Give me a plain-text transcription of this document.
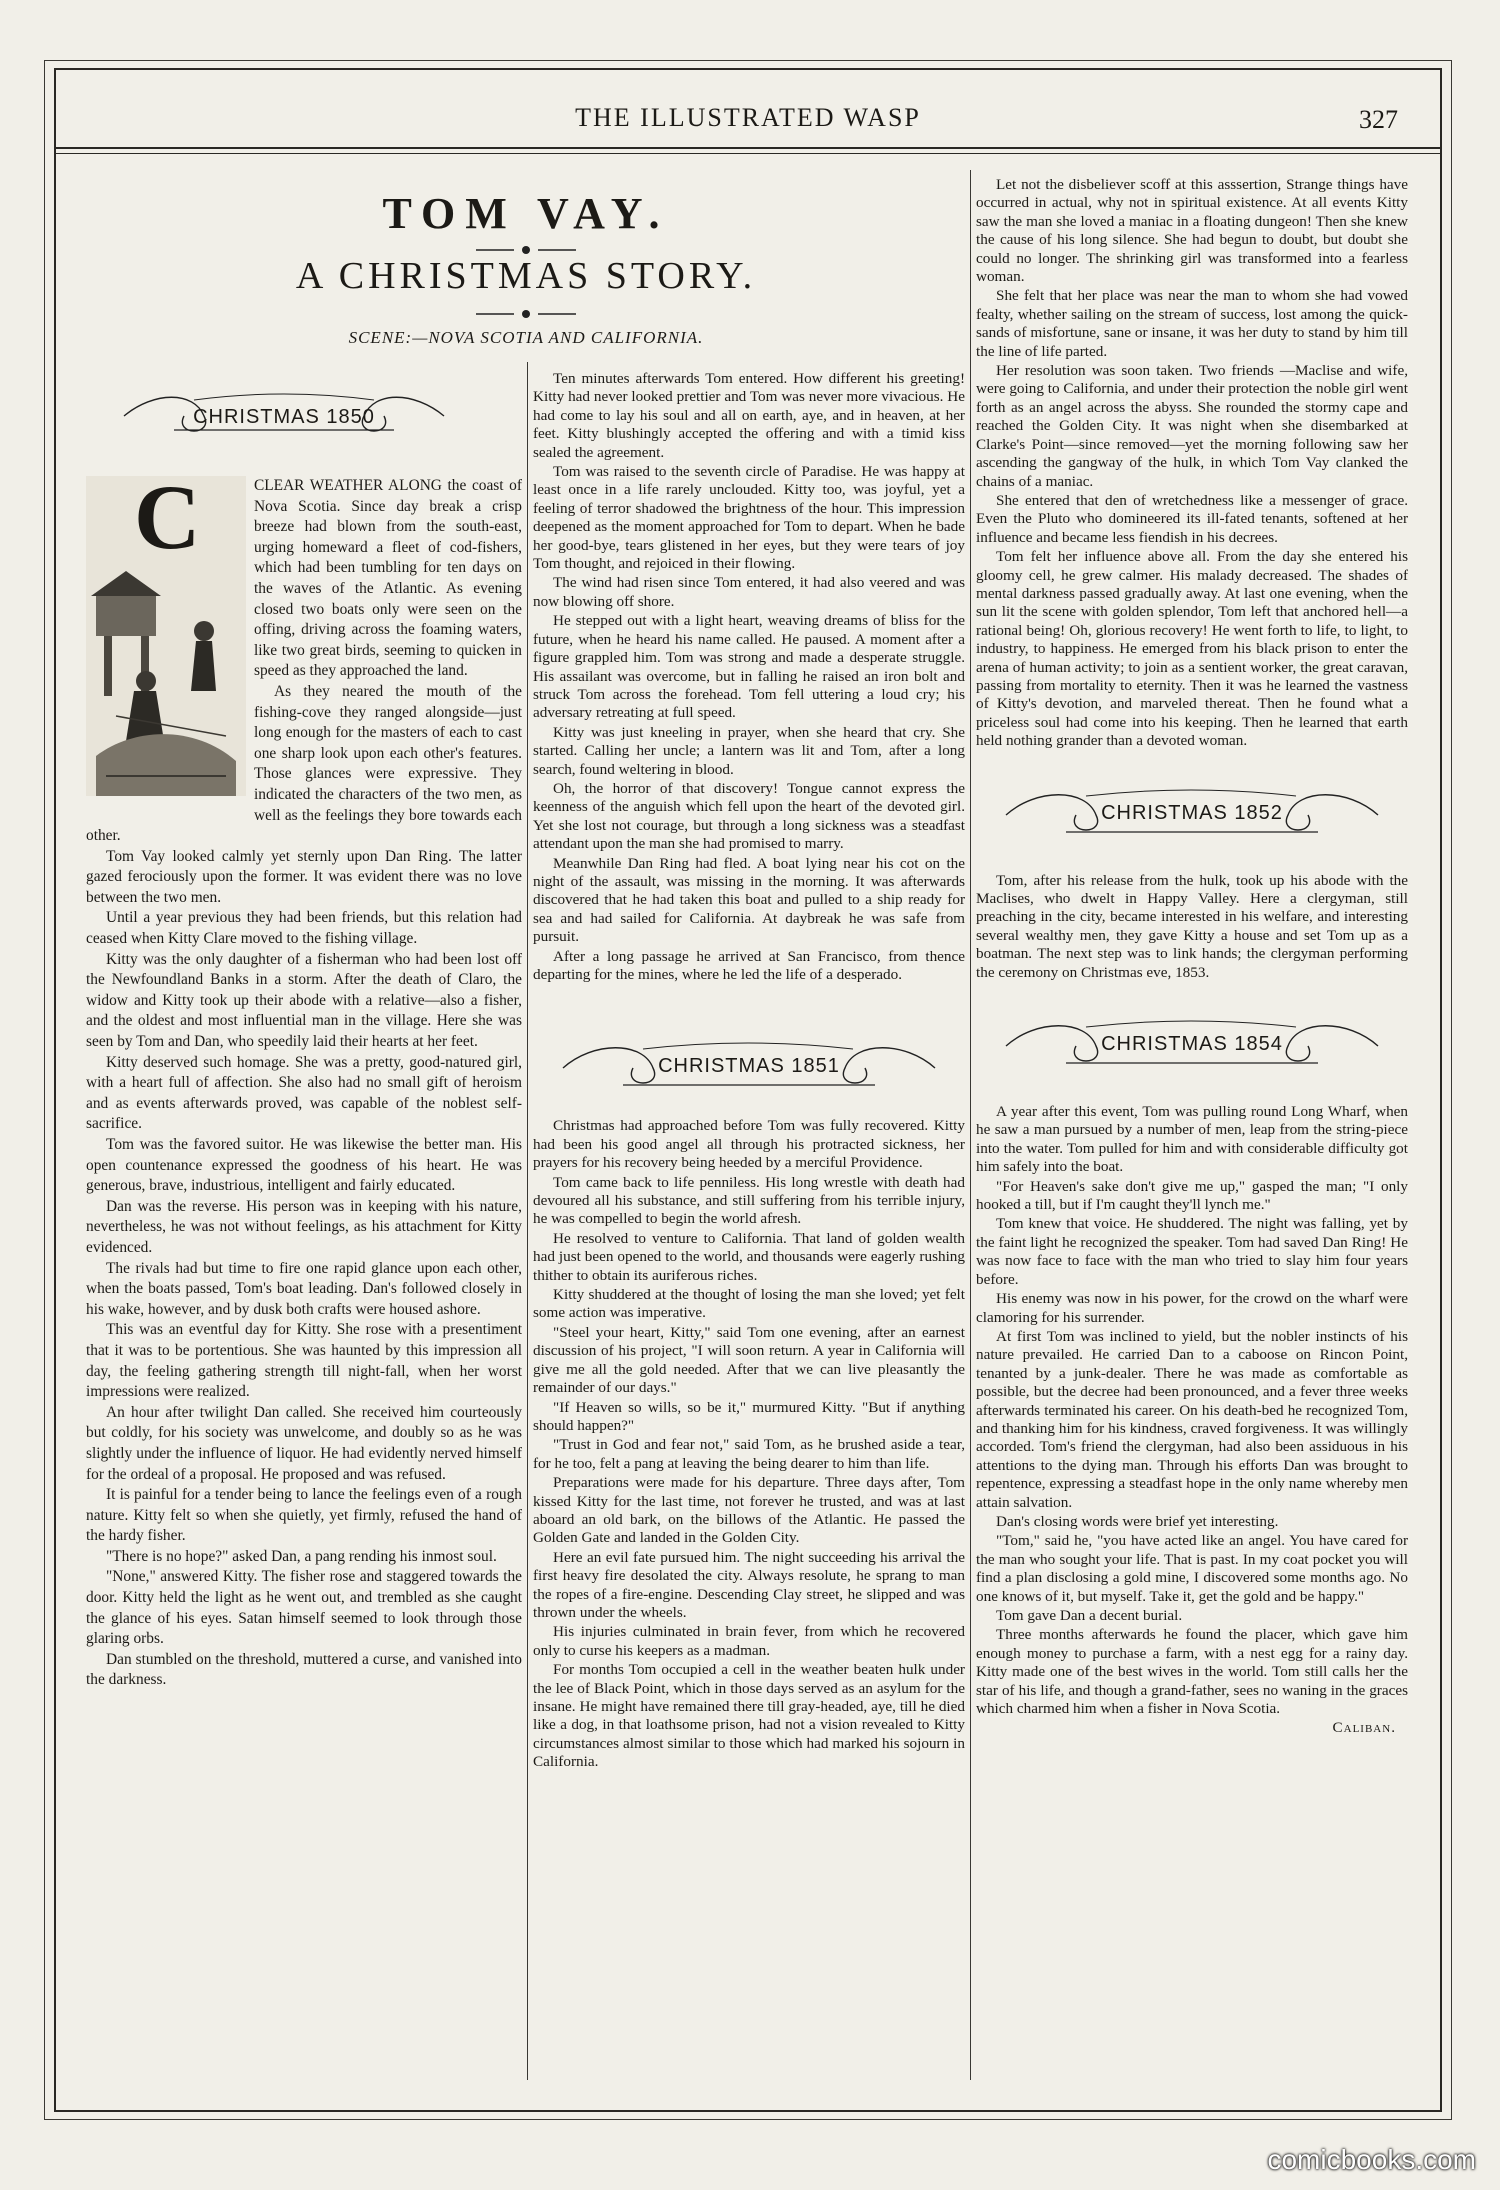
THE ILLUSTRATED WASP	327
TOM VAY.
A CHRISTMAS STORY.
SCENE:—NOVA SCOTIA AND CALIFORNIA.
CHRISTMAS 1850
C	CLEAR WEATHER ALONG the coast of Nova Scotia. Since day break a crisp breeze had blown from the south-east, urging homeward a fleet of cod-fishers, which had been tumbling for ten days on the waves of the Atlantic. As evening closed two boats only were seen on the offing, driving across the foaming waters, like two great birds, seeming to quicken in speed as they approached the land.

As they neared the mouth of the fishing-cove they ranged alongside—just long enough for the masters of each to cast one sharp look upon each other's features. Those glances were expressive. They indicated the characters of the two men, as well as the feelings they bore towards each other.

Tom Vay looked calmly yet sternly upon Dan Ring. The latter gazed ferociously upon the former. It was evident there was no love between the two men.

Until a year previous they had been friends, but this relation had ceased when Kitty Clare moved to the fishing village.

Kitty was the only daughter of a fisherman who had been lost off the Newfoundland Banks in a storm. After the death of Claro, the widow and Kitty took up their abode with a relative—also a fisher, and the oldest and most influential man in the village. Here she was seen by Tom and Dan, who speedily laid their hearts at her feet.

Kitty deserved such homage. She was a pretty, good-natured girl, with a heart full of affection. She also had no small gift of heroism and as events afterwards proved, was capable of the noblest self-sacrifice.

Tom was the favored suitor. He was likewise the better man. His open countenance expressed the goodness of his heart. He was generous, brave, industrious, intelligent and fairly educated.

Dan was the reverse. His person was in keeping with his nature, nevertheless, he was not without feelings, as his attachment for Kitty evidenced.

The rivals had but time to fire one rapid glance upon each other, when the boats passed, Tom's boat leading. Dan's followed closely in his wake, however, and by dusk both crafts were housed ashore.

This was an eventful day for Kitty. She rose with a presentiment that it was to be portentious. She was haunted by this impression all day, the feeling gathering strength till night-fall, when her worst impressions were realized.

An hour after twilight Dan called. She received him courteously but coldly, for his society was unwelcome, and doubly so as he was slightly under the influence of liquor. He had evidently nerved himself for the ordeal of a proposal. He proposed and was refused.

It is painful for a tender being to lance the feelings even of a rough nature. Kitty felt so when she quietly, yet firmly, refused the hand of the hardy fisher.

"There is no hope?" asked Dan, a pang rending his inmost soul.

"None," answered Kitty. The fisher rose and staggered towards the door. Kitty held the light as he went out, and trembled as she caught the glance of his eyes. Satan himself seemed to look through those glaring orbs.

Dan stumbled on the threshold, muttered a curse, and vanished into the darkness.

Ten minutes afterwards Tom entered. How different his greeting! Kitty had never looked prettier and Tom was never more vivacious. He had come to lay his soul and all on earth, aye, and in heaven, at her feet. Kitty blushingly accepted the offering and with a timid kiss sealed the agreement.

Tom was raised to the seventh circle of Paradise. He was happy at least once in a life rarely unclouded. Kitty too, was joyful, yet a feeling of terror shadowed the brightness of the hour. This impression deepened as the moment approached for Tom to depart. When he bade her good-bye, tears glistened in her eyes, but they were tears of joy Tom thought, and rejoiced in their flowing.

The wind had risen since Tom entered, it had also veered and was now blowing off shore.

He stepped out with a light heart, weaving dreams of bliss for the future, when he heard his name called. He paused. A moment after a figure grappled him. Tom was strong and made a desperate struggle. His assailant was overcome, but in falling he raised an iron bolt and struck Tom across the forehead. Tom fell uttering a loud cry; his adversary retreating at full speed.

Kitty was just kneeling in prayer, when she heard that cry. She started. Calling her uncle; a lantern was lit and Tom, after a long search, found weltering in blood.

Oh, the horror of that discovery! Tongue cannot express the keenness of the anguish which fell upon the heart of the devoted girl. Yet she lost not courage, but through a long sickness was a steadfast attendant upon the man she had promised to marry.

Meanwhile Dan Ring had fled. A boat lying near his cot on the night of the assault, was missing in the morning. It was afterwards discovered that he had taken this boat and pulled to a ship ready for sea and had sailed for California. At daybreak he was safe from pursuit.

After a long passage he arrived at San Francisco, from thence departing for the mines, where he led the life of a desperado.

CHRISTMAS 1851

Christmas had approached before Tom was fully recovered. Kitty had been his good angel all through his protracted sickness, her prayers for his recovery being heeded by a merciful Providence.

Tom came back to life penniless. His long wrestle with death had devoured all his substance, and still suffering from his terrible injury, he was compelled to begin the world afresh.

He resolved to venture to California. That land of golden wealth had just been opened to the world, and thousands were eagerly rushing thither to obtain its auriferous riches.

Kitty shuddered at the thought of losing the man she loved; yet felt some action was imperative.

"Steel your heart, Kitty," said Tom one evening, after an earnest discussion of his project, "I will soon return. A year in California will give me all the gold needed. After that we can live pleasantly the remainder of our days."

"If Heaven so wills, so be it," murmured Kitty. "But if anything should happen?"

"Trust in God and fear not," said Tom, as he brushed aside a tear, for he too, felt a pang at leaving the being dearer to him than life.

Preparations were made for his departure. Three days after, Tom kissed Kitty for the last time, not forever he trusted, and was at last aboard an old bark, on the billows of the Atlantic. He passed the Golden Gate and landed in the Golden City.

Here an evil fate pursued him. The night succeeding his arrival the first heavy fire desolated the city. Always resolute, he sprang to man the ropes of a fire-engine. Descending Clay street, he slipped and was thrown under the wheels.

His injuries culminated in brain fever, from which he recovered only to curse his keepers as a madman.

For months Tom occupied a cell in the weather beaten hulk under the lee of Black Point, which in those days served as an asylum for the insane. He might have remained there till gray-headed, aye, till he died like a dog, in that loathsome prison, had not a vision revealed to Kitty circumstances almost similar to those which had marked his sojourn in California.

Let not the disbeliever scoff at this asssertion, Strange things have occurred in actual, why not in spiritual existence. At all events Kitty saw the man she loved a maniac in a floating dungeon! Then she knew the cause of his long silence. She had begun to doubt, but doubt she could no longer. The shrinking girl was transformed into a fearless woman.

She felt that her place was near the man to whom she had vowed fealty, whether sailing on the stream of success, lost among the quick-sands of misfortune, sane or insane, it was her duty to stand by him till the line of life parted.

Her resolution was soon taken. Two friends —Maclise and wife, were going to California, and under their protection the noble girl went forth as an angel across the abyss. She rounded the stormy cape and reached the Golden City. It was night when she disembarked at Clarke's Point—since removed—yet the morning following saw her ascending the gangway of the hulk, in which Tom Vay clanked the chains of a maniac.

She entered that den of wretchedness like a messenger of grace. Even the Pluto who domineered its ill-fated tenants, softened at her influence and became less fiendish in his decrees.

Tom felt her influence above all. From the day she entered his gloomy cell, he grew calmer. His malady decreased. The shades of mental darkness passed gradually away. At last one evening, when the sun lit the scene with golden splendor, Tom left that anchored hell—a rational being! Oh, glorious recovery! He went forth to life, to light, to industry, to happiness. He emerged from his black prison to enter the arena of human activity; to join as a sentient worker, the great caravan, passing from mortality to eternity. Then it was he learned the vastness of Kitty's devotion, and marveled thereat. Then he found what a priceless soul had come into his keeping. Then he learned that earth held nothing grander than a devoted woman.

CHRISTMAS 1852

Tom, after his release from the hulk, took up his abode with the Maclises, who dwelt in Happy Valley. Here a clergyman, still preaching in the city, became interested in his welfare, and interesting several wealthy men, they gave Kitty a house and set Tom up as a boatman. The next step was to link hands; the clergyman performing the ceremony on Christmas eve, 1853.

CHRISTMAS 1854

A year after this event, Tom was pulling round Long Wharf, when he saw a man pursued by a number of men, leap from the string-piece into the water. Tom pulled for him and with considerable difficulty got him safely into the boat.

"For Heaven's sake don't give me up," gasped the man; "I only hooked a till, but if I'm caught they'll lynch me."

Tom knew that voice. He shuddered. The night was falling, yet by the faint light he recognized the speaker. Tom had saved Dan Ring! He was now face to face with the man who tried to slay him four years before.

His enemy was now in his power, for the crowd on the wharf were clamoring for his surrender.

At first Tom was inclined to yield, but the nobler instincts of his nature prevailed. He carried Dan to a caboose on Rincon Point, tenanted by a junk-dealer. There he was made as comfortable as possible, but the decree had been pronounced, and a fever three weeks afterwards terminated his career. On his death-bed he recognized Tom, and thanking him for his kindness, craved forgiveness. It was willingly accorded. Tom's friend the clergyman, had also been assiduous in his attentions to the dying man. Through his efforts Dan was brought to repentence, expressing a steadfast hope in the only name whereby men attain salvation.

Dan's closing words were brief yet interesting.

"Tom," said he, "you have acted like an angel. You have cared for the man who sought your life. That is past. In my coat pocket you will find a plan disclosing a gold mine, I discovered some months ago. No one knows of it, but myself. Take it, get the gold and be happy."

Tom gave Dan a decent burial.

Three months afterwards he found the placer, which gave him enough money to purchase a farm, with a nest egg for a rainy day. Kitty made one of the best wives in the world. Tom still calls her the star of his life, and though a grand-father, sees no waning in the graces which charmed him when a fisher in Nova Scotia.

Caliban.

comicbooks.com
